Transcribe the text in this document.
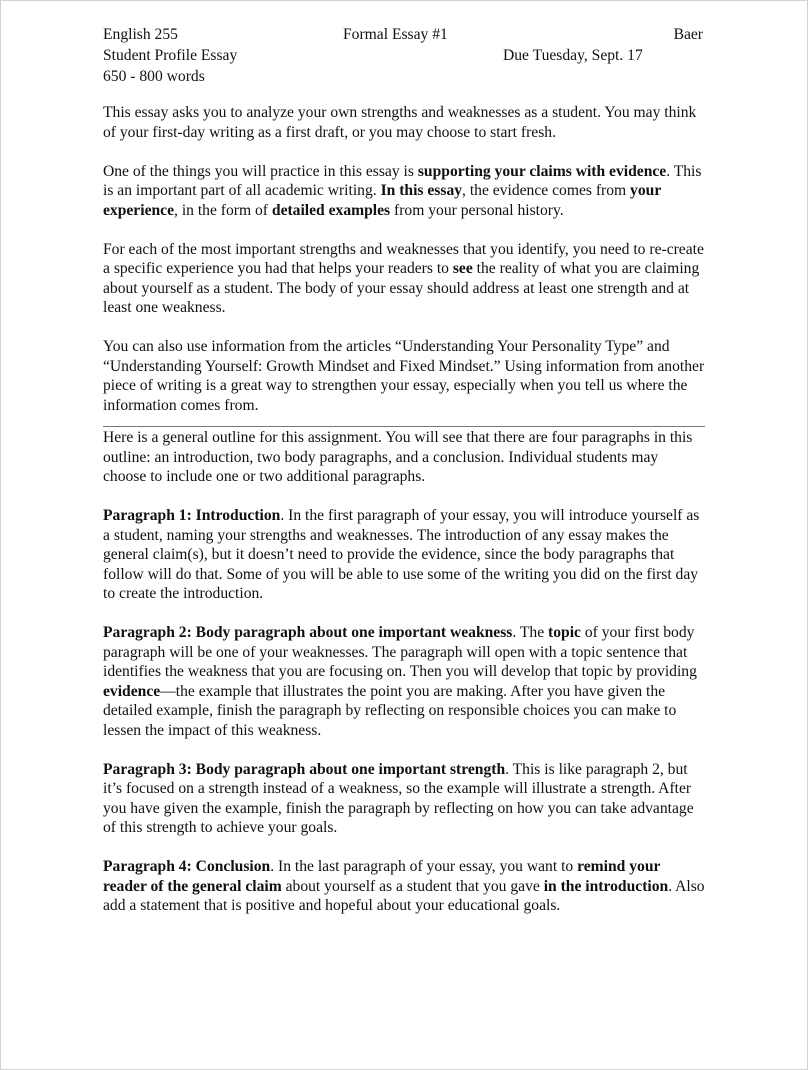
English 255	Formal Essay #1	Baer
Student Profile Essay	Due Tuesday, Sept. 17
650 - 800 words

This essay asks you to analyze your own strengths and weaknesses as a student. You may think of your first-day writing as a first draft, or you may choose to start fresh.

One of the things you will practice in this essay is supporting your claims with evidence. This is an important part of all academic writing. In this essay, the evidence comes from your experience, in the form of detailed examples from your personal history.

For each of the most important strengths and weaknesses that you identify, you need to re-create a specific experience you had that helps your readers to see the reality of what you are claiming about yourself as a student. The body of your essay should address at least one strength and at least one weakness.

You can also use information from the articles “Understanding Your Personality Type” and “Understanding Yourself: Growth Mindset and Fixed Mindset.” Using information from another piece of writing is a great way to strengthen your essay, especially when you tell us where the information comes from.

Here is a general outline for this assignment. You will see that there are four paragraphs in this outline: an introduction, two body paragraphs, and a conclusion. Individual students may choose to include one or two additional paragraphs.

Paragraph 1: Introduction. In the first paragraph of your essay, you will introduce yourself as a student, naming your strengths and weaknesses. The introduction of any essay makes the general claim(s), but it doesn’t need to provide the evidence, since the body paragraphs that follow will do that. Some of you will be able to use some of the writing you did on the first day to create the introduction.

Paragraph 2: Body paragraph about one important weakness. The topic of your first body paragraph will be one of your weaknesses. The paragraph will open with a topic sentence that identifies the weakness that you are focusing on. Then you will develop that topic by providing evidence—the example that illustrates the point you are making. After you have given the detailed example, finish the paragraph by reflecting on responsible choices you can make to lessen the impact of this weakness.

Paragraph 3: Body paragraph about one important strength. This is like paragraph 2, but it’s focused on a strength instead of a weakness, so the example will illustrate a strength. After you have given the example, finish the paragraph by reflecting on how you can take advantage of this strength to achieve your goals.

Paragraph 4: Conclusion. In the last paragraph of your essay, you want to remind your reader of the general claim about yourself as a student that you gave in the introduction. Also add a statement that is positive and hopeful about your educational goals.
